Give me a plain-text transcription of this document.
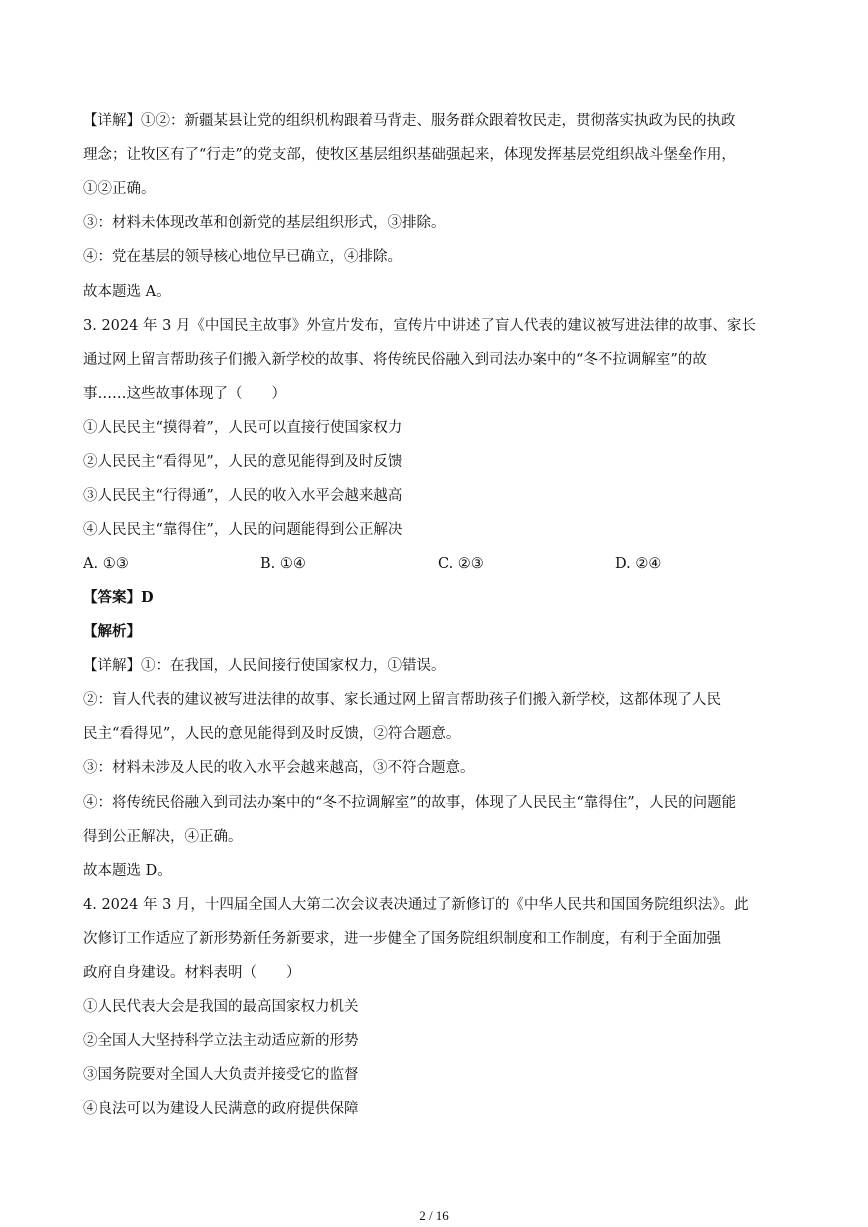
【详解】①②：新疆某县让党的组织机构跟着马背走、服务群众跟着牧民走，贯彻落实执政为民的执政
理念；让牧区有了“行走”的党支部，使牧区基层组织基础强起来，体现发挥基层党组织战斗堡垒作用，
①②正确。
③：材料未体现改革和创新党的基层组织形式，③排除。
④：党在基层的领导核心地位早已确立，④排除。
故本题选 A。
3. 2024 年 3 月《中国民主故事》外宣片发布，宣传片中讲述了盲人代表的建议被写进法律的故事、家长
通过网上留言帮助孩子们搬入新学校的故事、将传统民俗融入到司法办案中的“冬不拉调解室”的故
事……这些故事体现了（　　）
①人民民主“摸得着”，人民可以直接行使国家权力
②人民民主“看得见”，人民的意见能得到及时反馈
③人民民主“行得通”，人民的收入水平会越来越高
④人民民主“靠得住”，人民的问题能得到公正解决
A. ①③	B. ①④	C. ②③	D. ②④
【答案】D
【解析】
【详解】①：在我国，人民间接行使国家权力，①错误。
②：盲人代表的建议被写进法律的故事、家长通过网上留言帮助孩子们搬入新学校，这都体现了人民
民主“看得见”，人民的意见能得到及时反馈，②符合题意。
③：材料未涉及人民的收入水平会越来越高，③不符合题意。
④：将传统民俗融入到司法办案中的“冬不拉调解室”的故事，体现了人民民主“靠得住”，人民的问题能
得到公正解决，④正确。
故本题选 D。
4. 2024 年 3 月，十四届全国人大第二次会议表决通过了新修订的《中华人民共和国国务院组织法》。此
次修订工作适应了新形势新任务新要求，进一步健全了国务院组织制度和工作制度，有利于全面加强
政府自身建设。材料表明（　　）
①人民代表大会是我国的最高国家权力机关
②全国人大坚持科学立法主动适应新的形势
③国务院要对全国人大负责并接受它的监督
④良法可以为建设人民满意的政府提供保障
2 / 16
